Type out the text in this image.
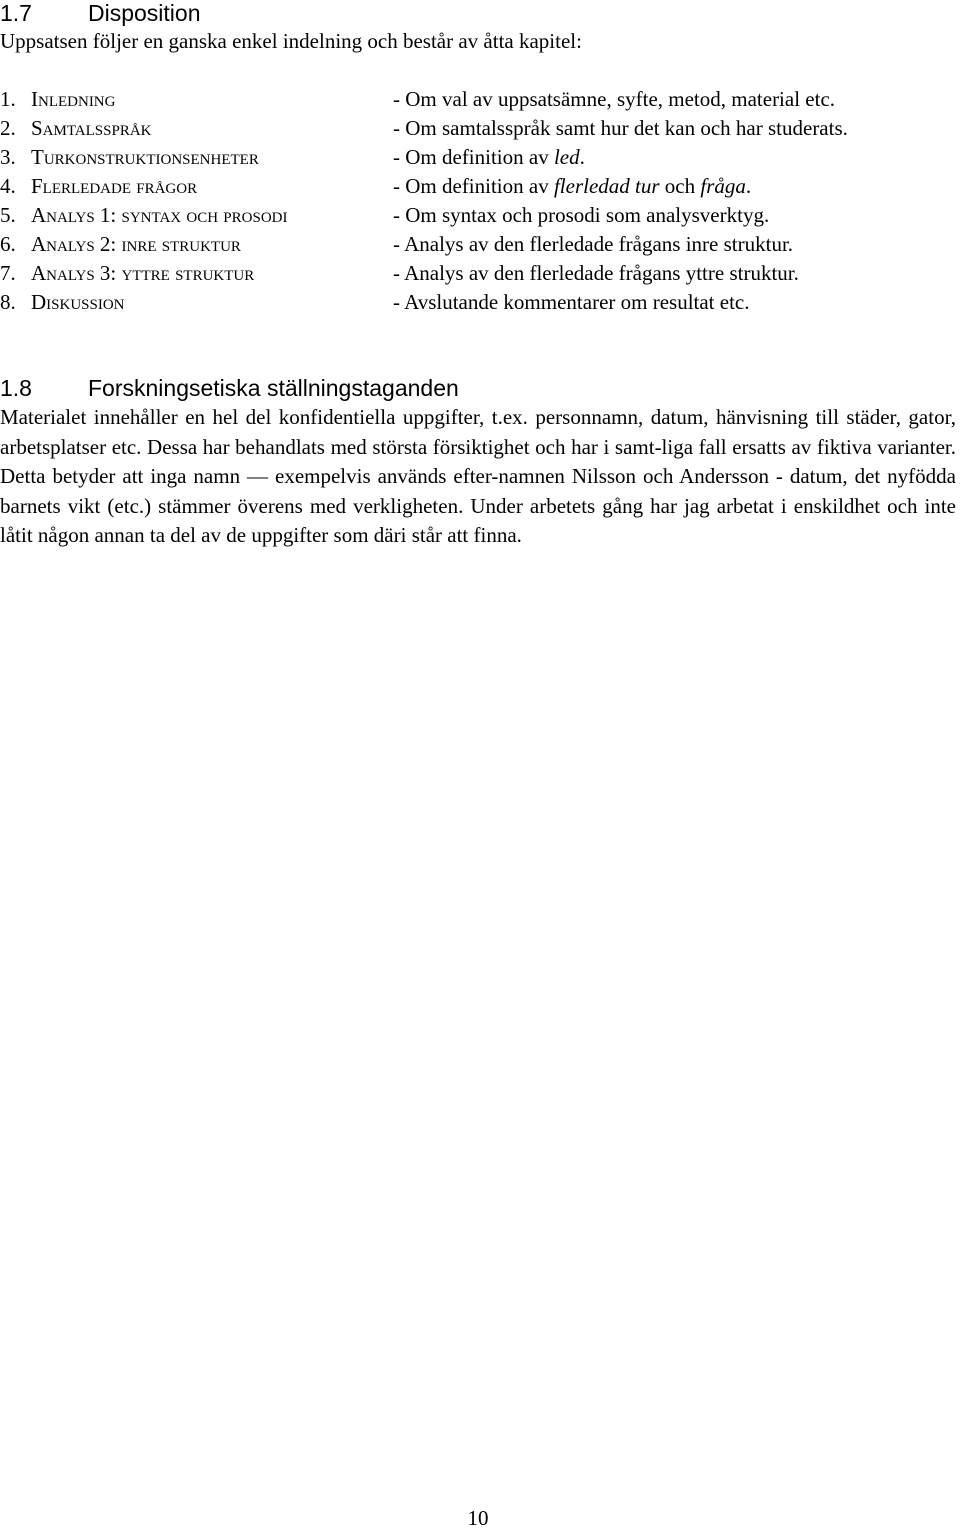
1.7 Disposition
Uppsatsen följer en ganska enkel indelning och består av åtta kapitel:
1. Inledning	- Om val av uppsatsämne, syfte, metod, material etc.
2. Samtalsspråk	- Om samtalsspråk samt hur det kan och har studerats.
3. Turkonstruktionsenheter	- Om definition av led.
4. Flerledade frågor	- Om definition av flerledad tur och fråga.
5. Analys 1: syntax och prosodi	- Om syntax och prosodi som analysverktyg.
6. Analys 2: inre struktur	- Analys av den flerledade frågans inre struktur.
7. Analys 3: yttre struktur	- Analys av den flerledade frågans yttre struktur.
8. Diskussion	- Avslutande kommentarer om resultat etc.
1.8 Forskningsetiska ställningstaganden

Materialet innehåller en hel del konfidentiella uppgifter, t.ex. personnamn, datum, hänvisning till städer, gator, arbetsplatser etc. Dessa har behandlats med största försiktighet och har i samt-liga fall ersatts av fiktiva varianter. Detta betyder att inga namn — exempelvis används efter-namnen Nilsson och Andersson - datum, det nyfödda barnets vikt (etc.) stämmer överens med verkligheten. Under arbetets gång har jag arbetat i enskildhet och inte låtit någon annan ta del av de uppgifter som däri står att finna.

10
